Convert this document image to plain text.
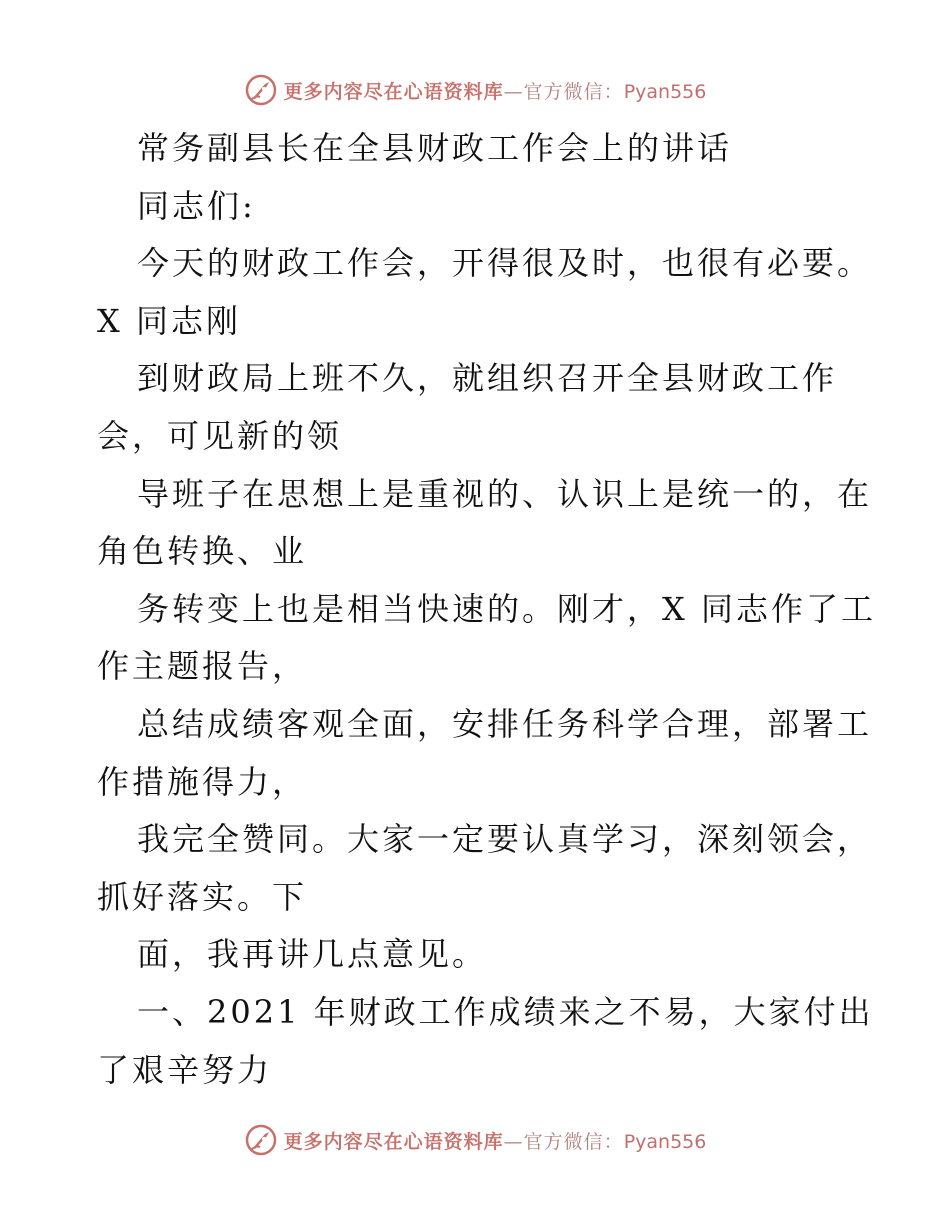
更多内容尽在心语资料库—官方微信：Pyan556
常务副县长在全县财政工作会上的讲话
同志们:
今天的财政工作会，开得很及时，也很有必要。
X 同志刚
到财政局上班不久，就组织召开全县财政工作
会，可见新的领
导班子在思想上是重视的、认识上是统一的，在
角色转换、业
务转变上也是相当快速的。刚才，X 同志作了工
作主题报告，
总结成绩客观全面，安排任务科学合理，部署工
作措施得力，
我完全赞同。大家一定要认真学习，深刻领会，
抓好落实。下
面，我再讲几点意见。
一、2021 年财政工作成绩来之不易，大家付出
了艰辛努力
更多内容尽在心语资料库—官方微信：Pyan556
